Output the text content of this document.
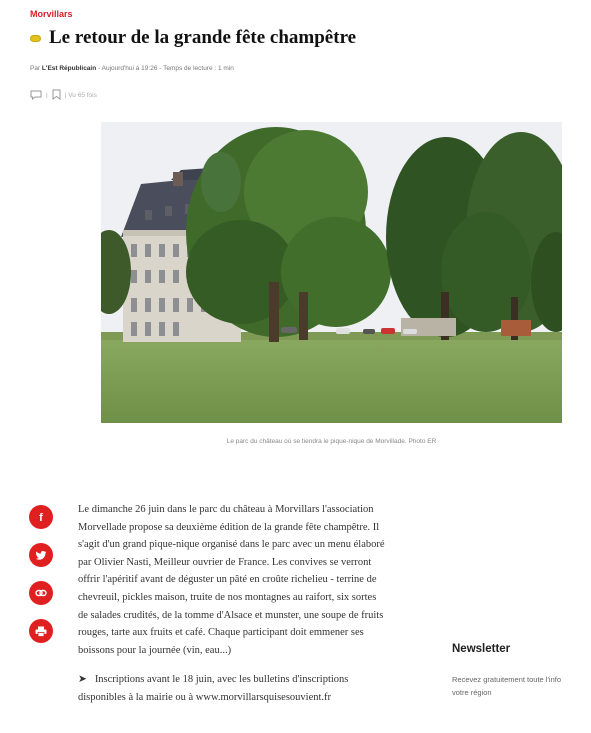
Morvillars
Le retour de la grande fête champêtre
Par L'Est Républicain - Aujourd'hui à 19:26 - Temps de lecture : 1 min
|	| Vu 65 fois
Le parc du château où se tiendra le pique-nique de Morvillade. Photo ER
f

Le dimanche 26 juin dans le parc du château à Morvillars l'association
Morvellade propose sa deuxième édition de la grande fête champêtre. Il
s'agit d'un grand pique-nique organisé dans le parc avec un menu élaboré
par Olivier Nasti, Meilleur ouvrier de France. Les convives se verront
offrir l'apéritif avant de déguster un pâté en croûte richelieu - terrine de
chevreuil, pickles maison, truite de nos montagnes au raifort, six sortes
de salades crudités, de la tomme d'Alsace et munster, une soupe de fruits
rouges, tarte aux fruits et café. Chaque participant doit emmener ses
boissons pour la journée (vin, eau...)

➤ Inscriptions avant le 18 juin, avec les bulletins d'inscriptions
disponibles à la mairie ou à www.morvillarsquisesouvient.fr
Newsletter
Recevez gratuitement toute l'info
votre région
